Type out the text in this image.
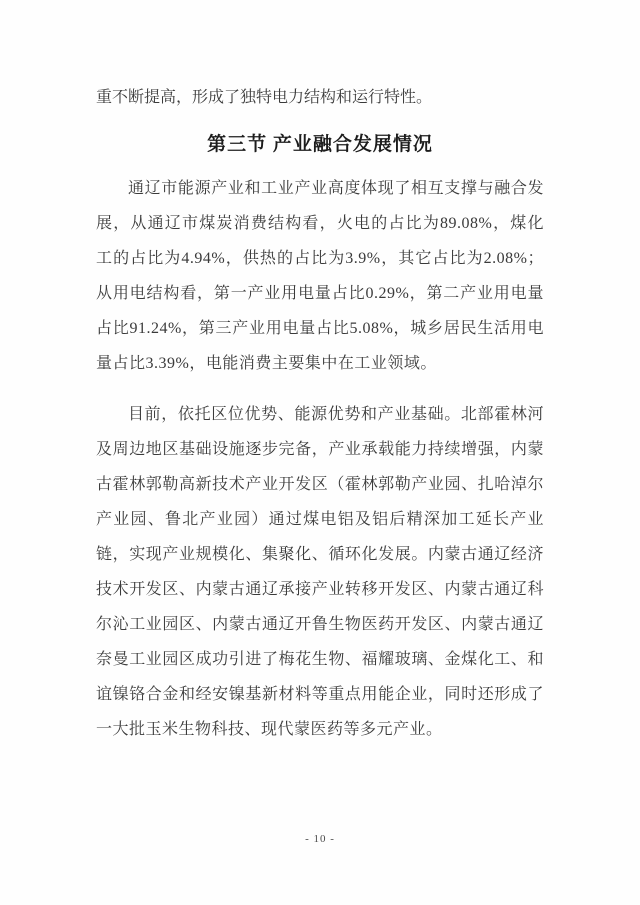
重不断提高，形成了独特电力结构和运行特性。

第三节 产业融合发展情况

通辽市能源产业和工业产业高度体现了相互支撑与融合发展，从通辽市煤炭消费结构看，火电的占比为89.08%，煤化工的占比为4.94%，供热的占比为3.9%，其它占比为2.08%；从用电结构看，第一产业用电量占比0.29%，第二产业用电量占比91.24%，第三产业用电量占比5.08%，城乡居民生活用电量占比3.39%，电能消费主要集中在工业领域。

目前，依托区位优势、能源优势和产业基础。北部霍林河及周边地区基础设施逐步完备，产业承载能力持续增强，内蒙古霍林郭勒高新技术产业开发区（霍林郭勒产业园、扎哈淖尔产业园、鲁北产业园）通过煤电铝及铝后精深加工延长产业链，实现产业规模化、集聚化、循环化发展。内蒙古通辽经济技术开发区、内蒙古通辽承接产业转移开发区、内蒙古通辽科尔沁工业园区、内蒙古通辽开鲁生物医药开发区、内蒙古通辽奈曼工业园区成功引进了梅花生物、福耀玻璃、金煤化工、和谊镍铬合金和经安镍基新材料等重点用能企业，同时还形成了一大批玉米生物科技、现代蒙医药等多元产业。

- 10 -
